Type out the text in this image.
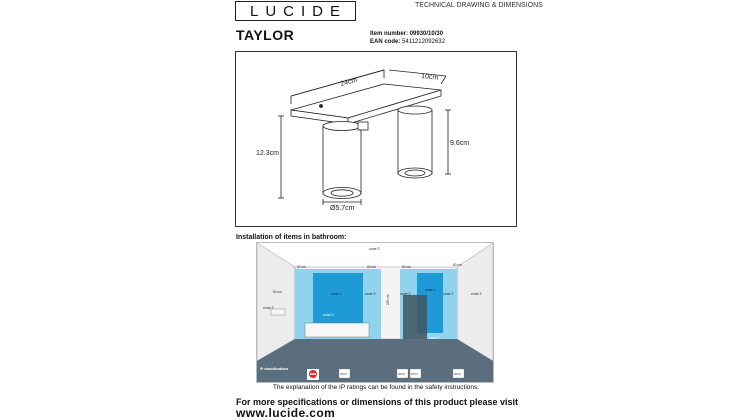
LUCIDE	TECHNICAL DRAWING & DIMENSIONS
TAYLOR	Item number: 09930/10/30
EAN code: 5411212092632
24cm	10cm
12.3cm
9.6cm
Ø5.7cm
Installation of items in bathroom:
zone 3
zone 1	zone 2	zone 2
zone 1
zone 2	zone 3
zone 2
zone 0
zone 0
60 cm	60 cm	60 cm	60 cm
60 cm
225 cm
IP classifications
IPX4	IPX4 IPX4	IPX4
The explanation of the IP ratings can be found in the safety instructions.
For more specifications or dimensions of this product please visit
www.lucide.com
